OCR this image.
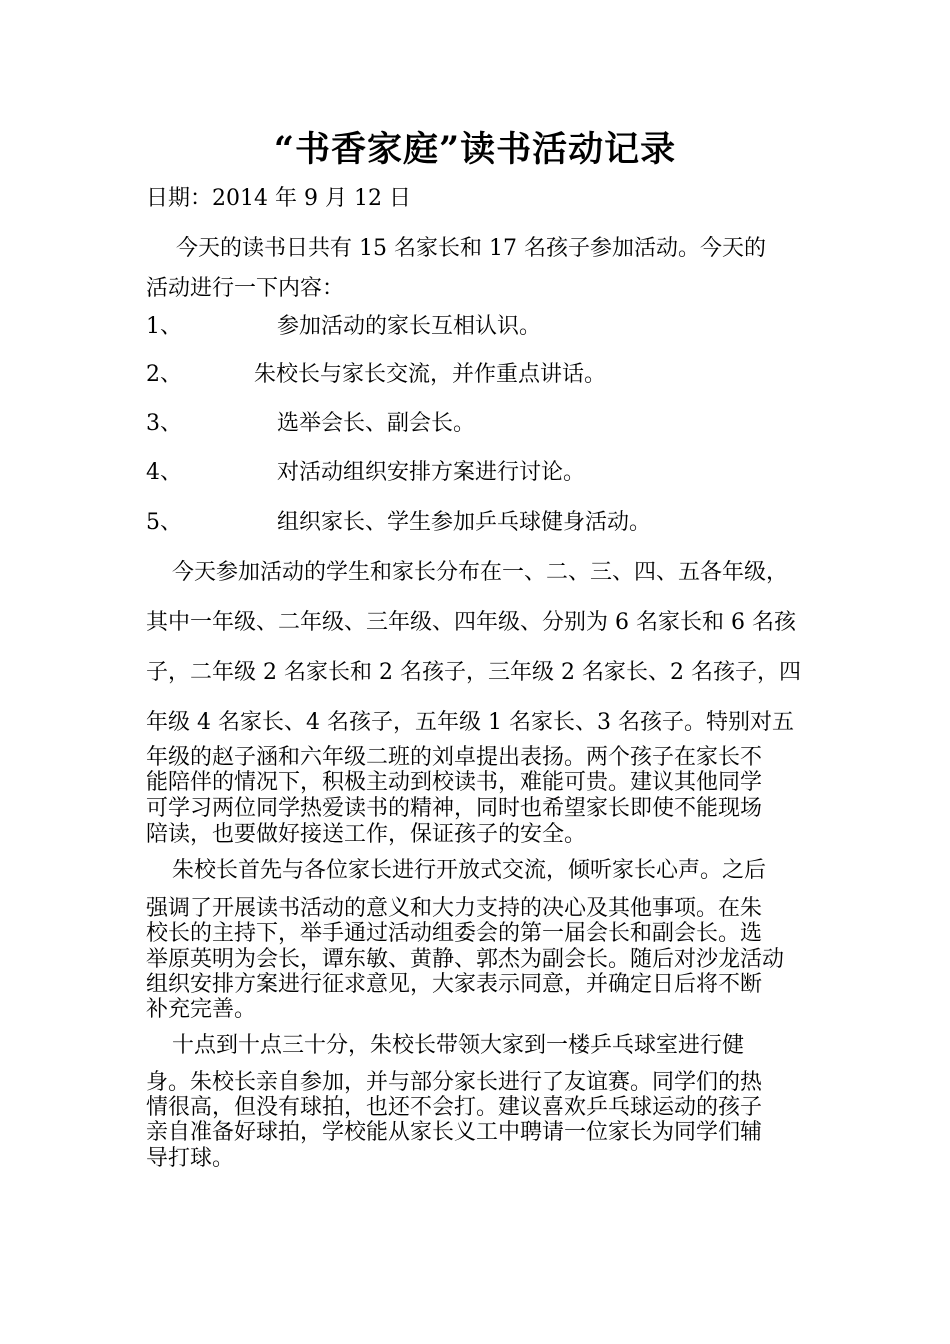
“书香家庭”读书活动记录
日期：2014 年 9 月 12 日
今天的读书日共有 15 名家长和 17 名孩子参加活动。今天的
活动进行一下内容：
1、	参加活动的家长互相认识。
2、	朱校长与家长交流，并作重点讲话。
3、	选举会长、副会长。
4、	对活动组织安排方案进行讨论。
5、	组织家长、学生参加乒乓球健身活动。
今天参加活动的学生和家长分布在一、二、三、四、五各年级，
其中一年级、二年级、三年级、四年级、分别为 6 名家长和 6 名孩
子，二年级 2 名家长和 2 名孩子，三年级 2 名家长、2 名孩子，四
年级 4 名家长、4 名孩子，五年级 1 名家长、3 名孩子。特别对五
年级的赵子涵和六年级二班的刘卓提出表扬。两个孩子在家长不
能陪伴的情况下，积极主动到校读书，难能可贵。建议其他同学
可学习两位同学热爱读书的精神，同时也希望家长即使不能现场
陪读，也要做好接送工作，保证孩子的安全。
朱校长首先与各位家长进行开放式交流，倾听家长心声。之后
强调了开展读书活动的意义和大力支持的决心及其他事项。在朱
校长的主持下，举手通过活动组委会的第一届会长和副会长。选
举原英明为会长，谭东敏、黄静、郭杰为副会长。随后对沙龙活动
组织安排方案进行征求意见，大家表示同意，并确定日后将不断
补充完善。
十点到十点三十分，朱校长带领大家到一楼乒乓球室进行健
身。朱校长亲自参加，并与部分家长进行了友谊赛。同学们的热
情很高，但没有球拍，也还不会打。建议喜欢乒乓球运动的孩子
亲自准备好球拍，学校能从家长义工中聘请一位家长为同学们辅
导打球。
